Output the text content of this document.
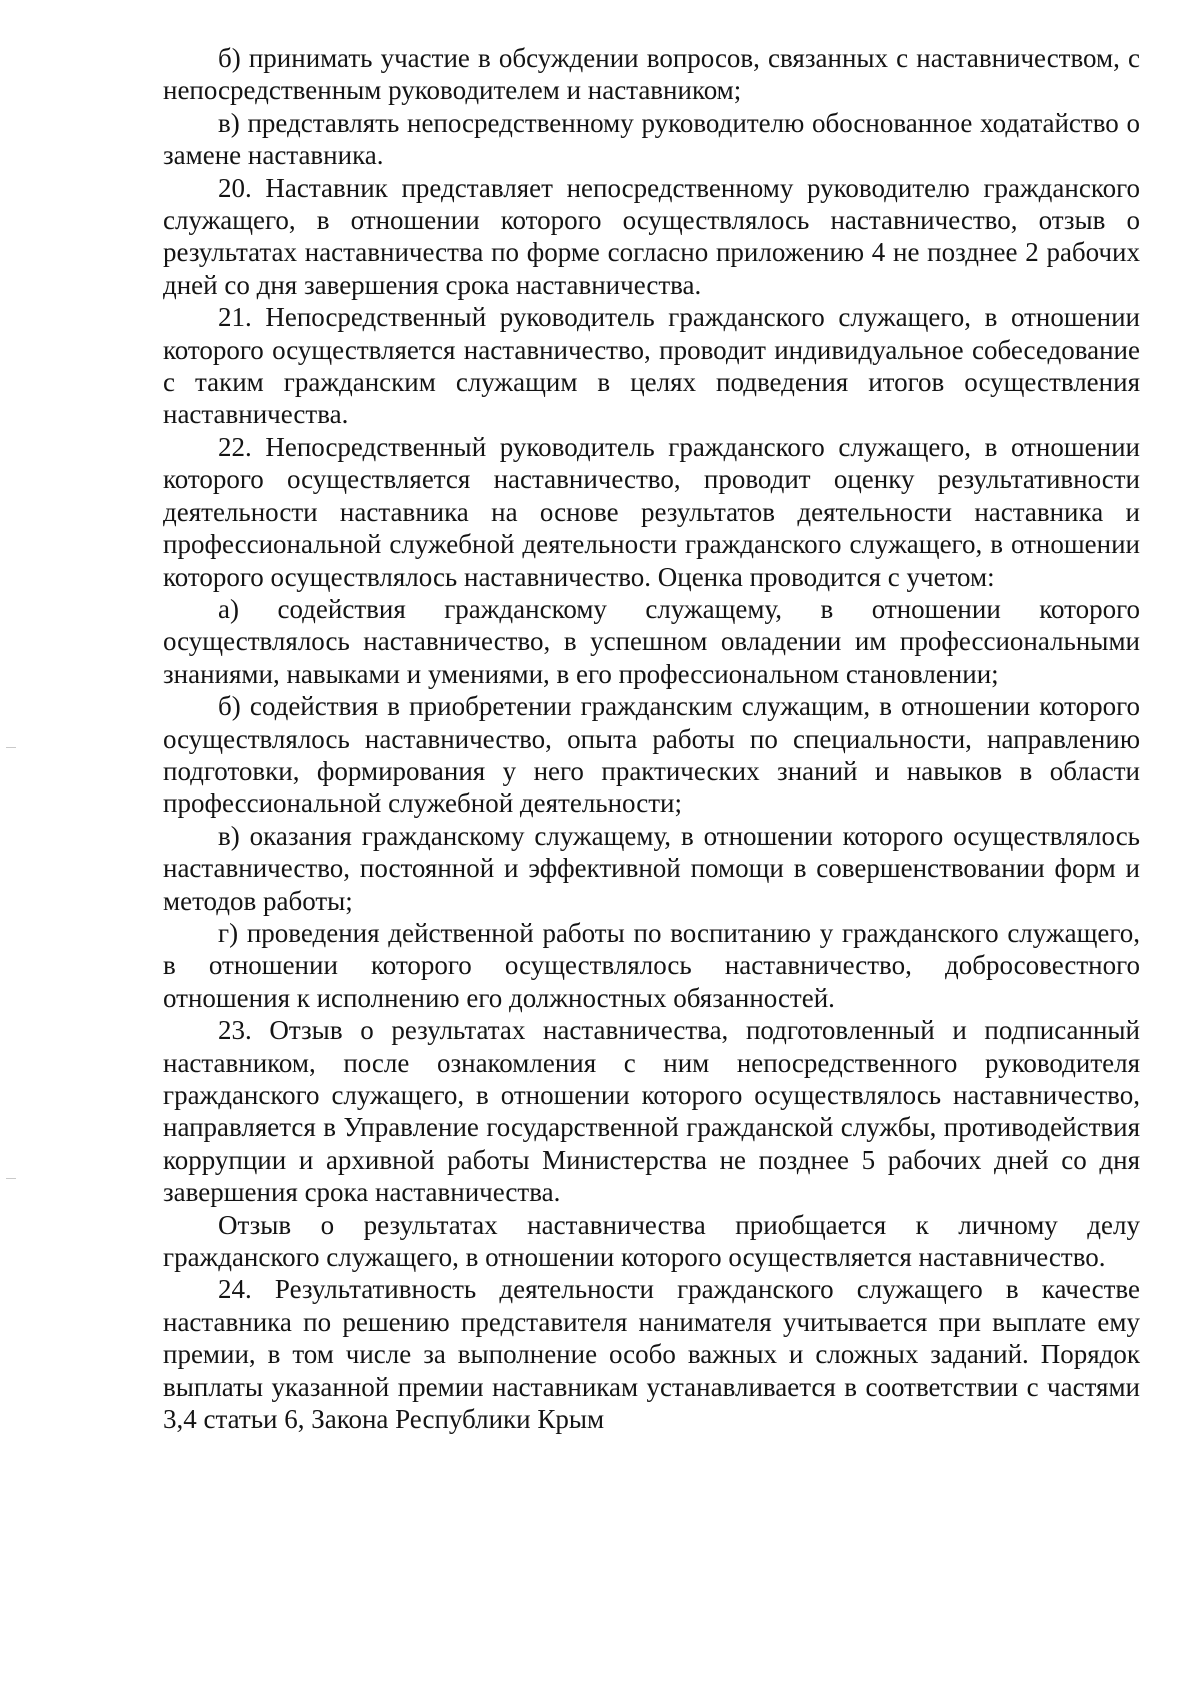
б) принимать участие в обсуждении вопросов, связанных с наставничеством, с непосредственным руководителем и наставником;

в) представлять непосредственному руководителю обоснованное ходатайство о замене наставника.

20. Наставник представляет непосредственному руководителю гражданского служащего, в отношении которого осуществлялось наставничество, отзыв о результатах наставничества по форме согласно приложению 4 не позднее 2 рабочих дней со дня завершения срока наставничества.

21. Непосредственный руководитель гражданского служащего, в отношении которого осуществляется наставничество, проводит индивидуальное собеседование с таким гражданским служащим в целях подведения итогов осуществления наставничества.

22. Непосредственный руководитель гражданского служащего, в отношении которого осуществляется наставничество, проводит оценку результативности деятельности наставника на основе результатов деятельности наставника и профессиональной служебной деятельности гражданского служащего, в отношении которого осуществлялось наставничество. Оценка проводится с учетом:

а) содействия гражданскому служащему, в отношении которого осуществлялось наставничество, в успешном овладении им профессиональными знаниями, навыками и умениями, в его профессиональном становлении;

б) содействия в приобретении гражданским служащим, в отношении которого осуществлялось наставничество, опыта работы по специальности, направлению подготовки, формирования у него практических знаний и навыков в области профессиональной служебной деятельности;

в) оказания гражданскому служащему, в отношении которого осуществлялось наставничество, постоянной и эффективной помощи в совершенствовании форм и методов работы;

г) проведения действенной работы по воспитанию у гражданского служащего, в отношении которого осуществлялось наставничество, добросовестного отношения к исполнению его должностных обязанностей.

23. Отзыв о результатах наставничества, подготовленный и подписанный наставником, после ознакомления с ним непосредственного руководителя гражданского служащего, в отношении которого осуществлялось наставничество, направляется в Управление государственной гражданской службы, противодействия коррупции и архивной работы Министерства не позднее 5 рабочих дней со дня завершения срока наставничества.

Отзыв о результатах наставничества приобщается к личному делу гражданского служащего, в отношении которого осуществляется наставничество.

24. Результативность деятельности гражданского служащего в качестве наставника по решению представителя нанимателя учитывается при выплате ему премии, в том числе за выполнение особо важных и сложных заданий. Порядок выплаты указанной премии наставникам устанавливается в соответствии с частями 3,4 статьи 6, Закона Республики Крым
